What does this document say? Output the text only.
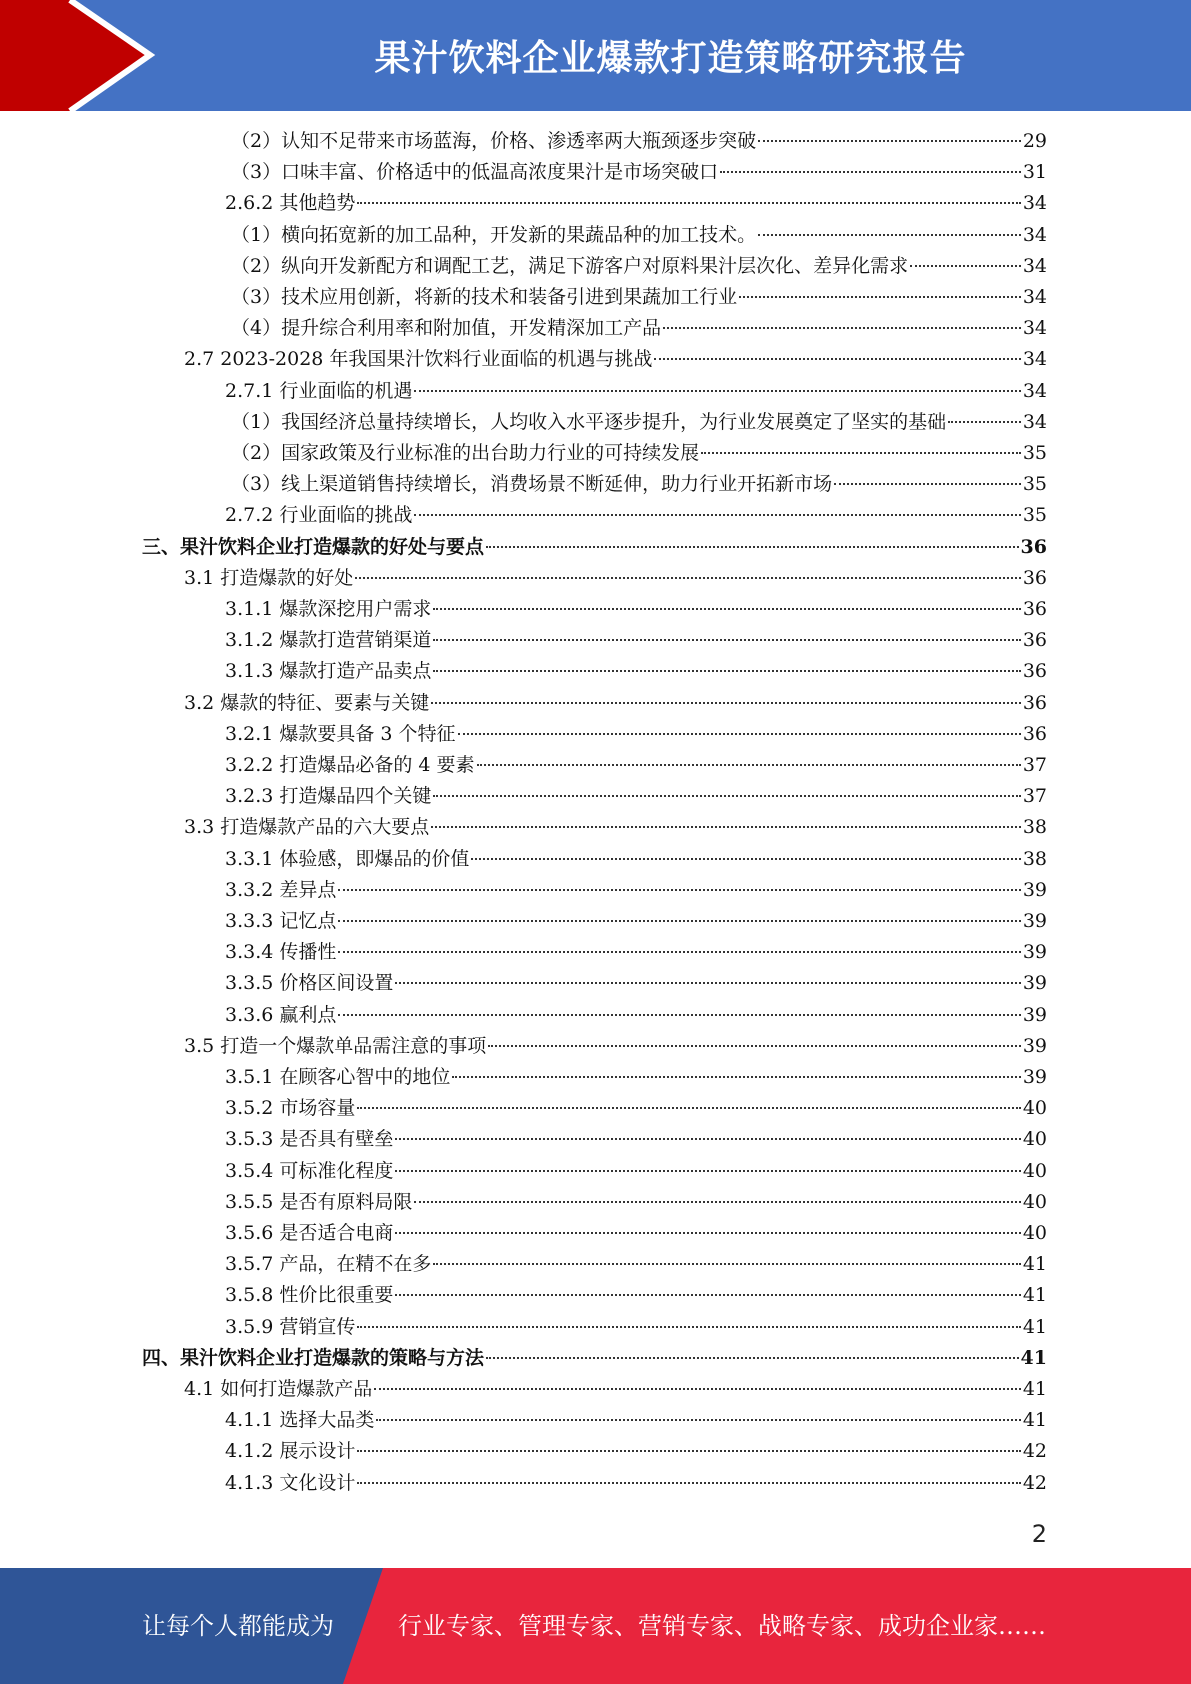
果汁饮料企业爆款打造策略研究报告
（2）认知不足带来市场蓝海，价格、渗透率两大瓶颈逐步突破	29
（3）口味丰富、价格适中的低温高浓度果汁是市场突破口	31
2.6.2 其他趋势	34
（1）横向拓宽新的加工品种，开发新的果蔬品种的加工技术。	34
（2）纵向开发新配方和调配工艺，满足下游客户对原料果汁层次化、差异化需求	34
（3）技术应用创新，将新的技术和装备引进到果蔬加工行业	34
（4）提升综合利用率和附加值，开发精深加工产品	34
2.7 2023-2028 年我国果汁饮料行业面临的机遇与挑战	34
2.7.1 行业面临的机遇	34
（1）我国经济总量持续增长，人均收入水平逐步提升，为行业发展奠定了坚实的基础	34
（2）国家政策及行业标准的出台助力行业的可持续发展	35
（3）线上渠道销售持续增长，消费场景不断延伸，助力行业开拓新市场	35
2.7.2 行业面临的挑战	35
三、果汁饮料企业打造爆款的好处与要点	36
3.1 打造爆款的好处	36
3.1.1 爆款深挖用户需求	36
3.1.2 爆款打造营销渠道	36
3.1.3 爆款打造产品卖点	36
3.2 爆款的特征、要素与关键	36
3.2.1 爆款要具备 3 个特征	36
3.2.2 打造爆品必备的 4 要素	37
3.2.3 打造爆品四个关键	37
3.3 打造爆款产品的六大要点	38
3.3.1 体验感，即爆品的价值	38
3.3.2 差异点	39
3.3.3 记忆点	39
3.3.4 传播性	39
3.3.5 价格区间设置	39
3.3.6 赢利点	39
3.5 打造一个爆款单品需注意的事项	39
3.5.1 在顾客心智中的地位	39
3.5.2 市场容量	40
3.5.3 是否具有壁垒	40
3.5.4 可标准化程度	40
3.5.5 是否有原料局限	40
3.5.6 是否适合电商	40
3.5.7 产品，在精不在多	41
3.5.8 性价比很重要	41
3.5.9 营销宣传	41
四、果汁饮料企业打造爆款的策略与方法	41
4.1 如何打造爆款产品	41
4.1.1 选择大品类	41
4.1.2 展示设计	42
4.1.3 文化设计	42
2
让每个人都能成为	行业专家、管理专家、营销专家、战略专家、成功企业家……
